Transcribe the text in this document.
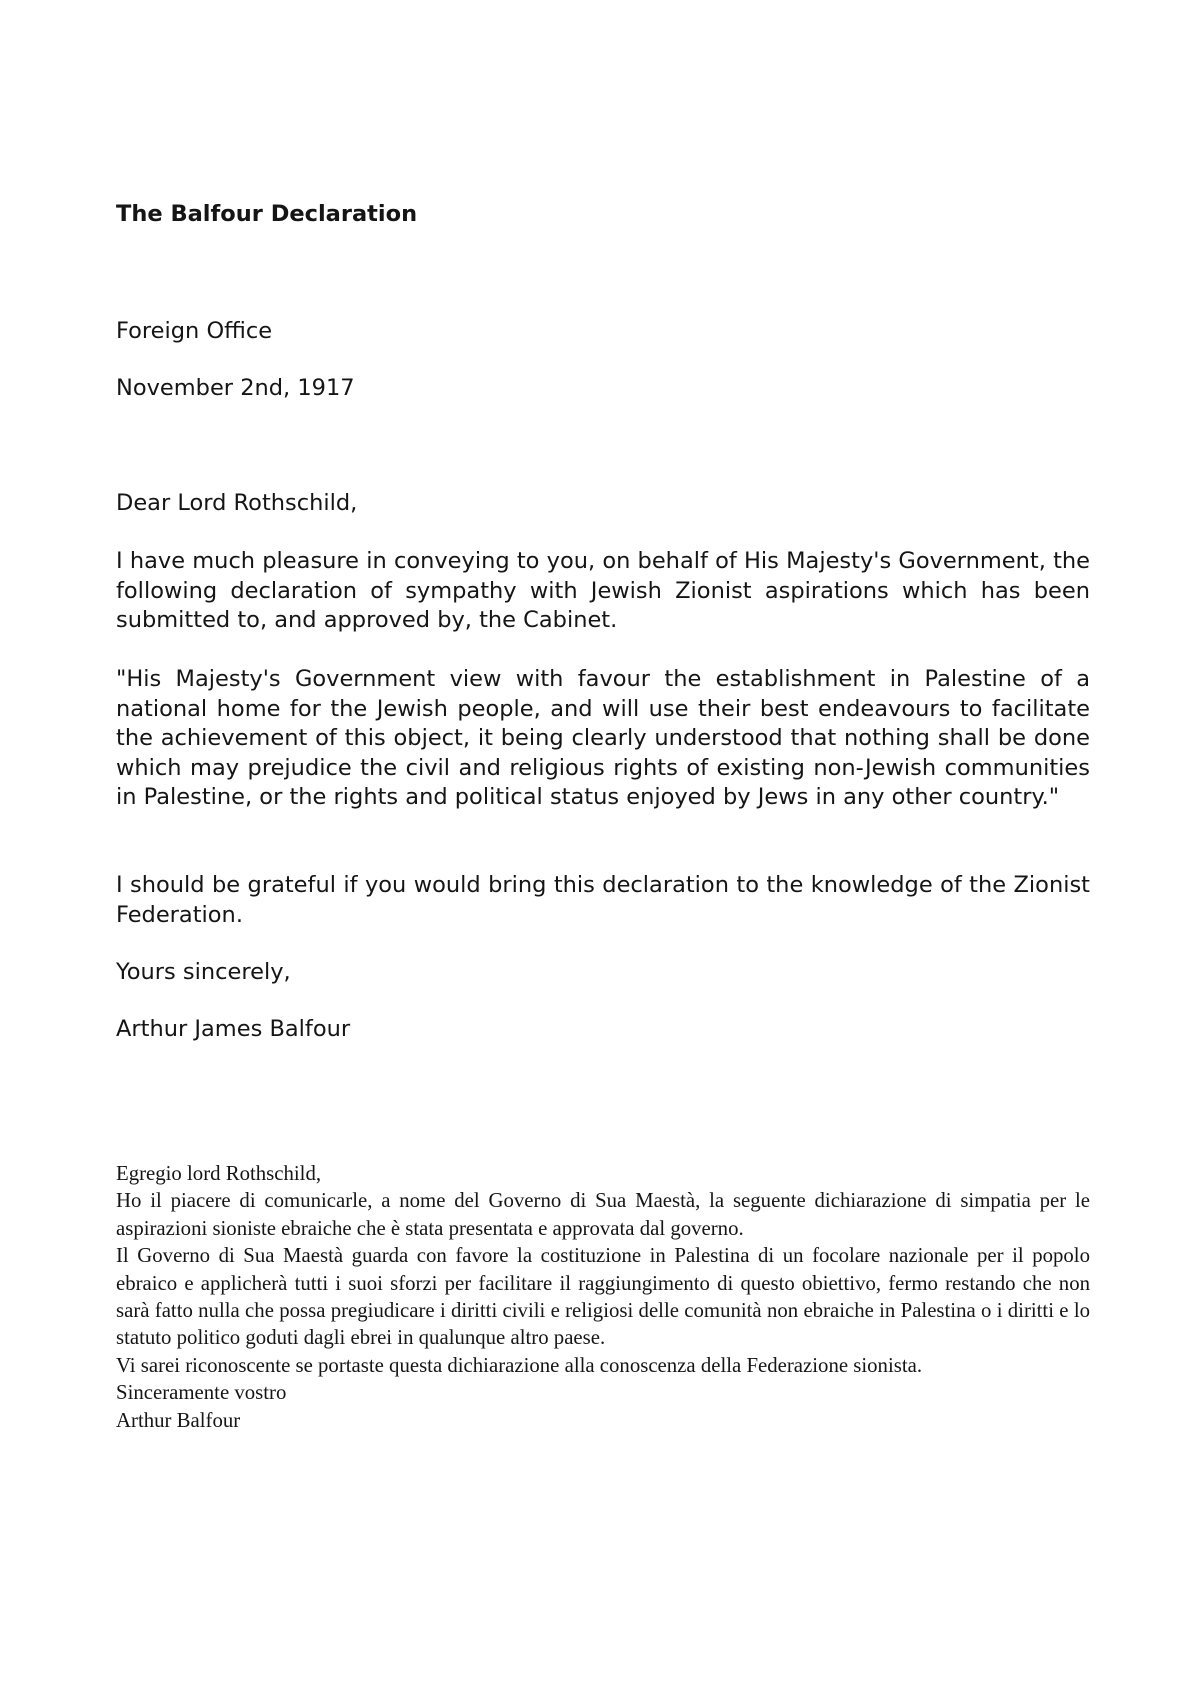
The Balfour Declaration

Foreign Office

November 2nd, 1917

Dear Lord Rothschild,

I have much pleasure in conveying to you, on behalf of His Majesty's Government, the following declaration of sympathy with Jewish Zionist aspirations which has been submitted to, and approved by, the Cabinet.

"His Majesty's Government view with favour the establishment in Palestine of a national home for the Jewish people, and will use their best endeavours to facilitate the achievement of this object, it being clearly understood that nothing shall be done which may prejudice the civil and religious rights of existing non-Jewish communities in Palestine, or the rights and political status enjoyed by Jews in any other country."

I should be grateful if you would bring this declaration to the knowledge of the Zionist Federation.

Yours sincerely,

Arthur James Balfour

Egregio lord Rothschild,

Ho il piacere di comunicarle, a nome del Governo di Sua Maestà, la seguente dichiarazione di simpatia per le aspirazioni sioniste ebraiche che è stata presentata e approvata dal governo.

Il Governo di Sua Maestà guarda con favore la costituzione in Palestina di un focolare nazionale per il popolo ebraico e applicherà tutti i suoi sforzi per facilitare il raggiungimento di questo obiettivo, fermo restando che non sarà fatto nulla che possa pregiudicare i diritti civili e religiosi delle comunità non ebraiche in Palestina o i diritti e lo statuto politico goduti dagli ebrei in qualunque altro paese.

Vi sarei riconoscente se portaste questa dichiarazione alla conoscenza della Federazione sionista.

Sinceramente vostro

Arthur Balfour
